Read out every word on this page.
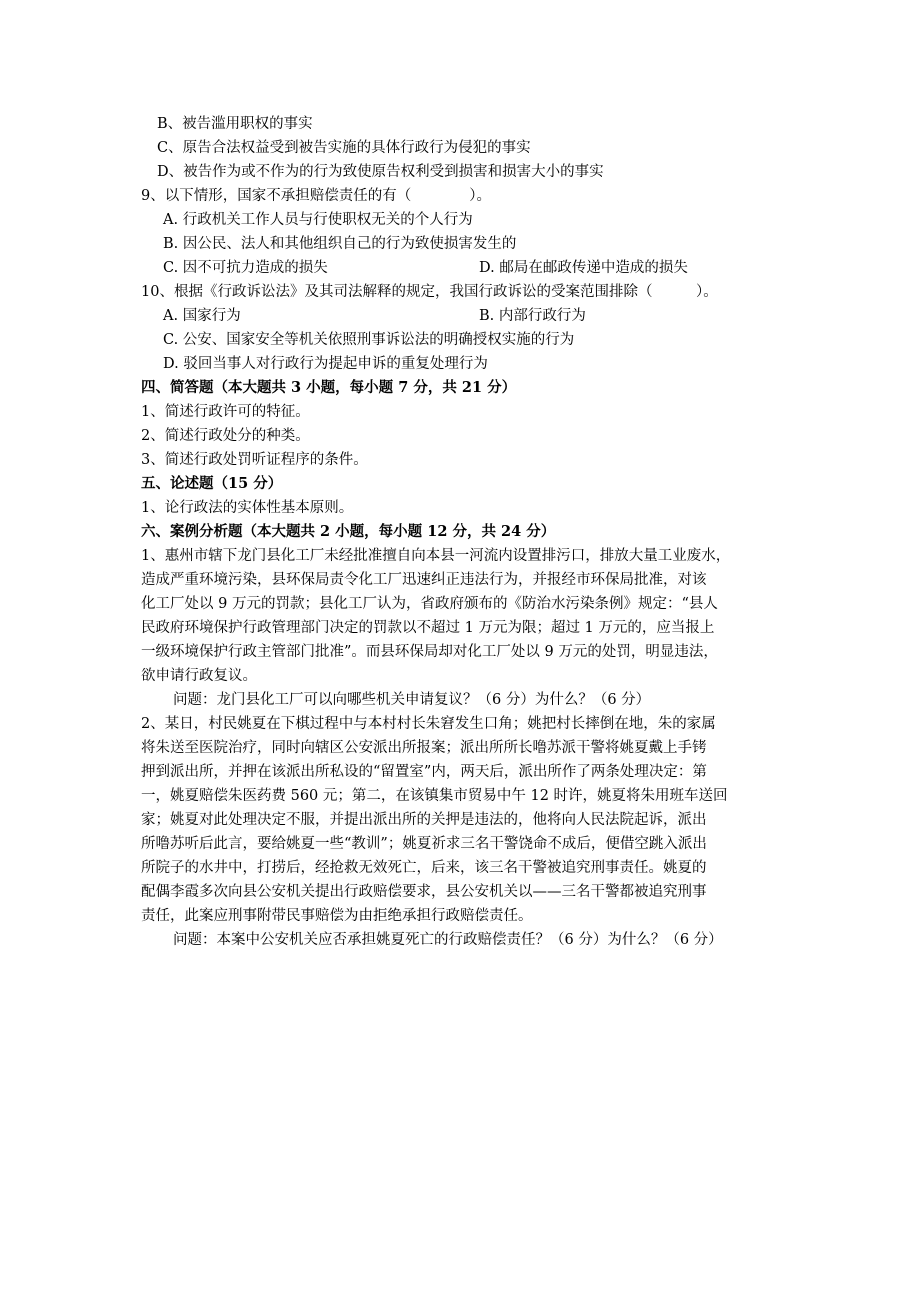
B、被告滥用职权的事实
C、原告合法权益受到被告实施的具体行政行为侵犯的事实
D、被告作为或不作为的行为致使原告权利受到损害和损害大小的事实
9、以下情形，国家不承担赔偿责任的有（　　　　）。
A. 行政机关工作人员与行使职权无关的个人行为
B. 因公民、法人和其他组织自己的行为致使损害发生的
C. 因不可抗力造成的损失	D. 邮局在邮政传递中造成的损失
10、根据《行政诉讼法》及其司法解释的规定，我国行政诉讼的受案范围排除（　　　）。
A. 国家行为	B. 内部行政行为
C. 公安、国家安全等机关依照刑事诉讼法的明确授权实施的行为
D. 驳回当事人对行政行为提起申诉的重复处理行为
四、简答题（本大题共 3 小题，每小题 7 分，共 21 分）
1、简述行政许可的特征。
2、简述行政处分的种类。
3、简述行政处罚听证程序的条件。
五、论述题（15 分）
1、论行政法的实体性基本原则。
六、案例分析题（本大题共 2 小题，每小题 12 分，共 24 分）
1、惠州市辖下龙门县化工厂未经批准擅自向本县一河流内设置排污口，排放大量工业废水，
造成严重环境污染，县环保局责令化工厂迅速纠正违法行为，并报经市环保局批准，对该
化工厂处以 9 万元的罚款；县化工厂认为，省政府颁布的《防治水污染条例》规定：“县人
民政府环境保护行政管理部门决定的罚款以不超过 1 万元为限；超过 1 万元的，应当报上
一级环境保护行政主管部门批准”。而县环保局却对化工厂处以 9 万元的处罚，明显违法，
欲申请行政复议。
问题：龙门县化工厂可以向哪些机关申请复议？（6 分）为什么？（6 分）
2、某日，村民姚夏在下棋过程中与本村村长朱窘发生口角；姚把村长摔倒在地，朱的家属
将朱送至医院治疗，同时向辖区公安派出所报案；派出所所长噜苏派干警将姚夏戴上手铐
押到派出所，并押在该派出所私设的“留置室”内，两天后，派出所作了两条处理决定：第
一，姚夏赔偿朱医药费 560 元；第二，在该镇集市贸易中午 12 时许，姚夏将朱用班车送回
家；姚夏对此处理决定不服，并提出派出所的关押是违法的，他将向人民法院起诉，派出
所噜苏听后此言，要给姚夏一些“教训”；姚夏祈求三名干警饶命不成后，便借空跳入派出
所院子的水井中，打捞后，经抢救无效死亡，后来，该三名干警被追究刑事责任。姚夏的
配偶李霞多次向县公安机关提出行政赔偿要求，县公安机关以——三名干警都被追究刑事
责任，此案应刑事附带民事赔偿为由拒绝承担行政赔偿责任。
问题：本案中公安机关应否承担姚夏死亡的行政赔偿责任？（6 分）为什么？（6 分）
